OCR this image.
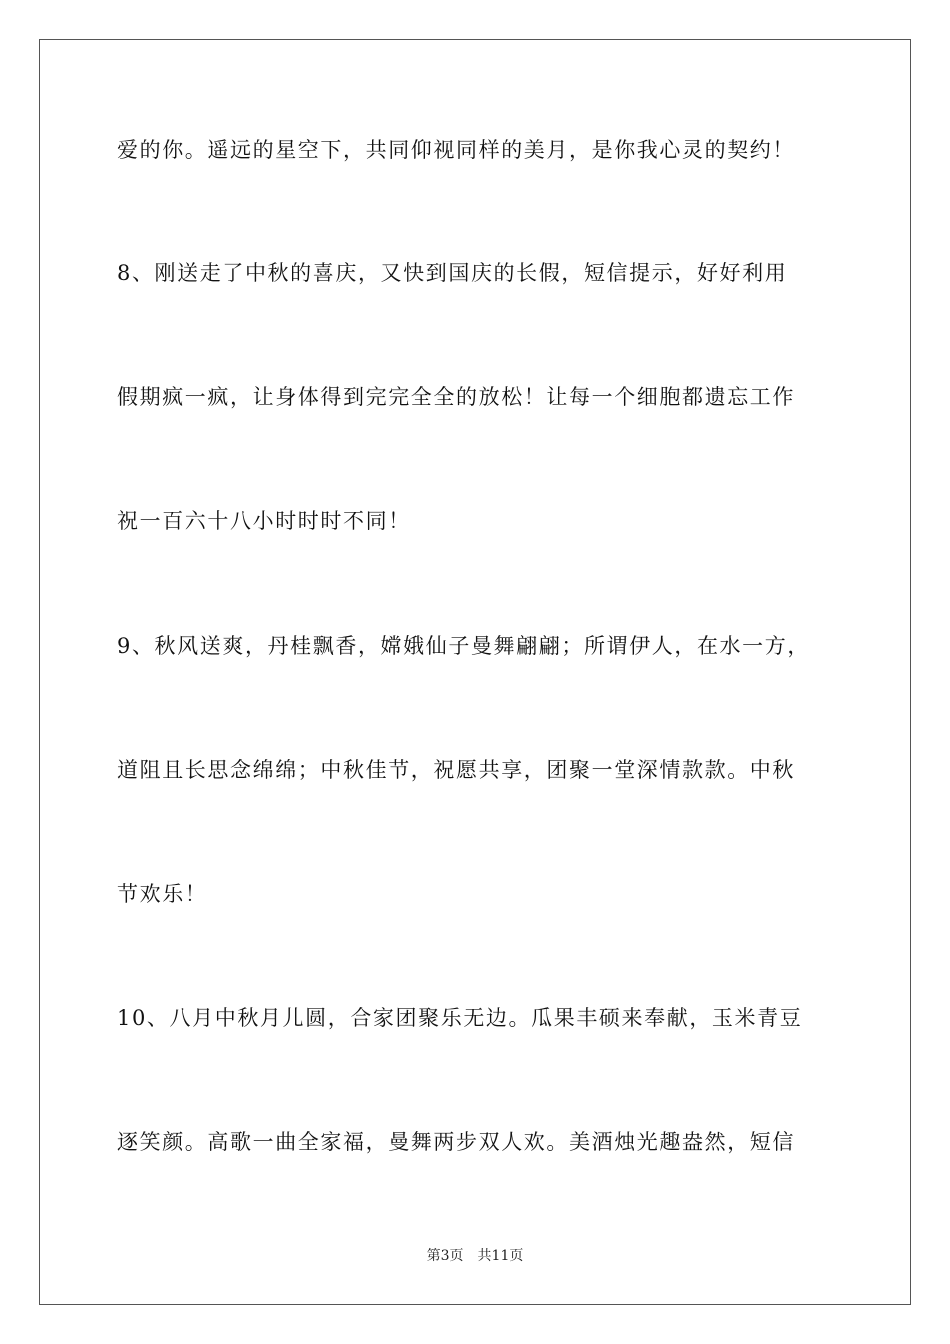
爱的你。遥远的星空下，共同仰视同样的美月，是你我心灵的契约！
8、刚送走了中秋的喜庆，又快到国庆的长假，短信提示，好好利用
假期疯一疯，让身体得到完完全全的放松！让每一个细胞都遗忘工作
祝一百六十八小时时时不同！
9、秋风送爽，丹桂飘香，嫦娥仙子曼舞翩翩；所谓伊人，在水一方，
道阻且长思念绵绵；中秋佳节，祝愿共享，团聚一堂深情款款。中秋
节欢乐！
10、八月中秋月儿圆，合家团聚乐无边。瓜果丰硕来奉献，玉米青豆
逐笑颜。高歌一曲全家福，曼舞两步双人欢。美酒烛光趣盎然，短信
第3页 共11页
